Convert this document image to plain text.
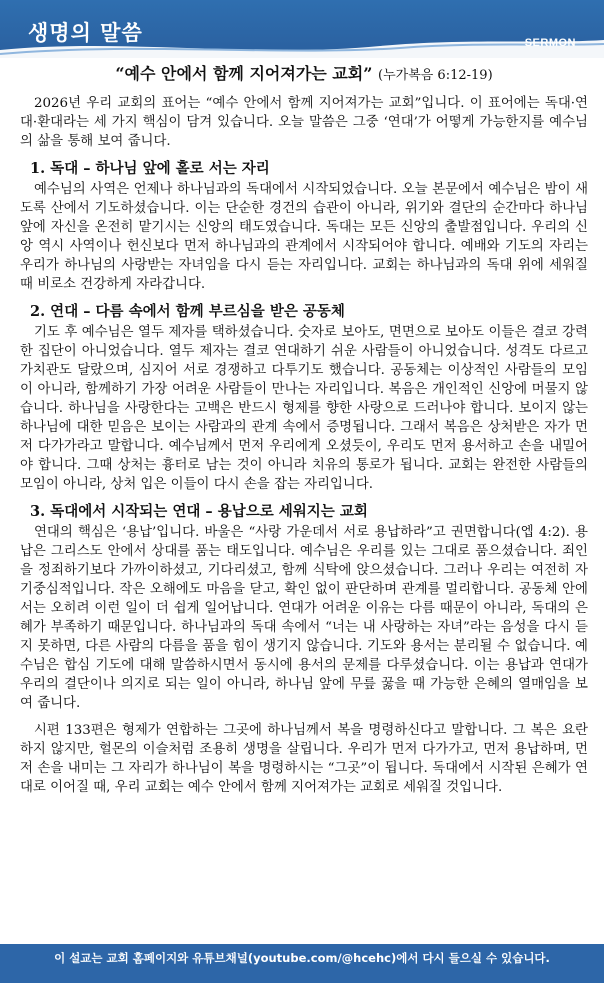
생명의 말씀	SERMON
“예수 안에서 함께 지어져가는 교회” (누가복음 6:12-19)

2026년 우리 교회의 표어는 “예수 안에서 함께 지어져가는 교회”입니다. 이 표어에는 독대·연대·환대라는 세 가지 핵심이 담겨 있습니다. 오늘 말씀은 그중 ‘연대’가 어떻게 가능한지를 예수님의 삶을 통해 보여 줍니다.

1. 독대 – 하나님 앞에 홀로 서는 자리

예수님의 사역은 언제나 하나님과의 독대에서 시작되었습니다. 오늘 본문에서 예수님은 밤이 새도록 산에서 기도하셨습니다. 이는 단순한 경건의 습관이 아니라, 위기와 결단의 순간마다 하나님 앞에 자신을 온전히 맡기시는 신앙의 태도였습니다. 독대는 모든 신앙의 출발점입니다. 우리의 신앙 역시 사역이나 헌신보다 먼저 하나님과의 관계에서 시작되어야 합니다. 예배와 기도의 자리는 우리가 하나님의 사랑받는 자녀임을 다시 듣는 자리입니다. 교회는 하나님과의 독대 위에 세워질 때 비로소 건강하게 자라갑니다.

2. 연대 – 다름 속에서 함께 부르심을 받은 공동체

기도 후 예수님은 열두 제자를 택하셨습니다. 숫자로 보아도, 면면으로 보아도 이들은 결코 강력한 집단이 아니었습니다. 열두 제자는 결코 연대하기 쉬운 사람들이 아니었습니다. 성격도 다르고 가치관도 달랐으며, 심지어 서로 경쟁하고 다투기도 했습니다. 공동체는 이상적인 사람들의 모임이 아니라, 함께하기 가장 어려운 사람들이 만나는 자리입니다. 복음은 개인적인 신앙에 머물지 않습니다. 하나님을 사랑한다는 고백은 반드시 형제를 향한 사랑으로 드러나야 합니다. 보이지 않는 하나님에 대한 믿음은 보이는 사람과의 관계 속에서 증명됩니다. 그래서 복음은 상처받은 자가 먼저 다가가라고 말합니다. 예수님께서 먼저 우리에게 오셨듯이, 우리도 먼저 용서하고 손을 내밀어야 합니다. 그때 상처는 흉터로 남는 것이 아니라 치유의 통로가 됩니다. 교회는 완전한 사람들의 모임이 아니라, 상처 입은 이들이 다시 손을 잡는 자리입니다.

3. 독대에서 시작되는 연대 – 용납으로 세워지는 교회

연대의 핵심은 ‘용납’입니다. 바울은 “사랑 가운데서 서로 용납하라”고 권면합니다(엡 4:2). 용납은 그리스도 안에서 상대를 품는 태도입니다. 예수님은 우리를 있는 그대로 품으셨습니다. 죄인을 정죄하기보다 가까이하셨고, 기다리셨고, 함께 식탁에 앉으셨습니다. 그러나 우리는 여전히 자기중심적입니다. 작은 오해에도 마음을 닫고, 확인 없이 판단하며 관계를 멀리합니다. 공동체 안에서는 오히려 이런 일이 더 쉽게 일어납니다. 연대가 어려운 이유는 다름 때문이 아니라, 독대의 은혜가 부족하기 때문입니다. 하나님과의 독대 속에서 “너는 내 사랑하는 자녀”라는 음성을 다시 듣지 못하면, 다른 사람의 다름을 품을 힘이 생기지 않습니다. 기도와 용서는 분리될 수 없습니다. 예수님은 합심 기도에 대해 말씀하시면서 동시에 용서의 문제를 다루셨습니다. 이는 용납과 연대가 우리의 결단이나 의지로 되는 일이 아니라, 하나님 앞에 무릎 꿇을 때 가능한 은혜의 열매임을 보여 줍니다.

시편 133편은 형제가 연합하는 그곳에 하나님께서 복을 명령하신다고 말합니다. 그 복은 요란하지 않지만, 헐몬의 이슬처럼 조용히 생명을 살립니다. 우리가 먼저 다가가고, 먼저 용납하며, 먼저 손을 내미는 그 자리가 하나님이 복을 명령하시는 “그곳”이 됩니다. 독대에서 시작된 은혜가 연대로 이어질 때, 우리 교회는 예수 안에서 함께 지어져가는 교회로 세워질 것입니다.

이 설교는 교회 홈페이지와 유튜브채널(youtube.com/@hcehc)에서 다시 들으실 수 있습니다.
